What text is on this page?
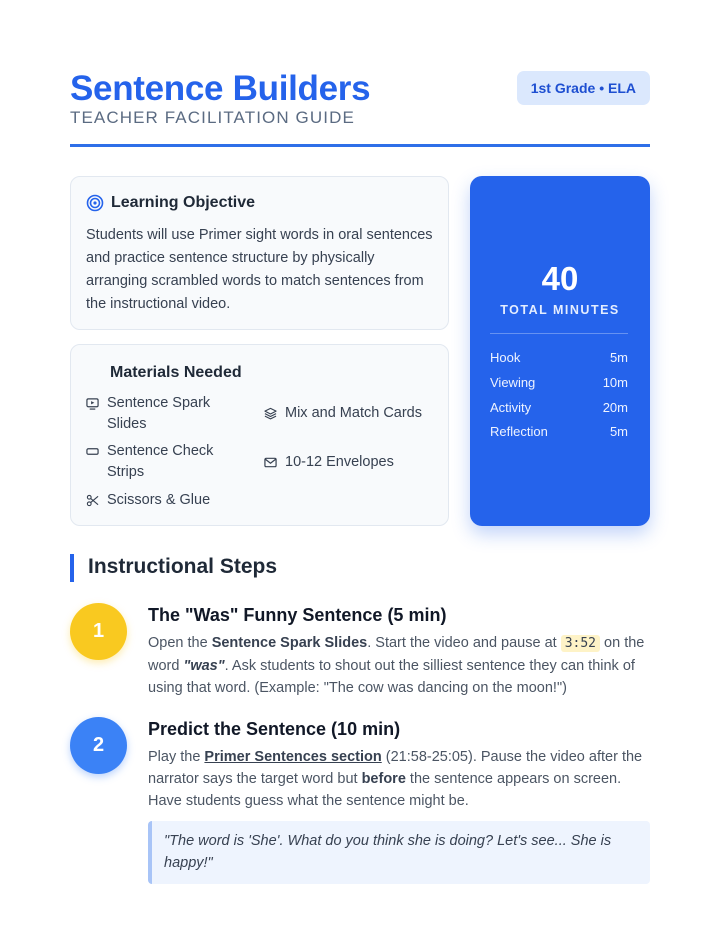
Sentence Builders
TEACHER FACILITATION GUIDE
1st Grade • ELA
Learning Objective
Students will use Primer sight words in oral sentences and practice sentence structure by physically arranging scrambled words to match sentences from the instructional video.
Materials Needed
Sentence Spark Slides
Mix and Match Cards
Sentence Check Strips
10-12 Envelopes
Scissors & Glue
40
TOTAL MINUTES
Hook	5m
Viewing	10m
Activity	20m
Reflection	5m
Instructional Steps
1
The "Was" Funny Sentence (5 min)
Open the Sentence Spark Slides. Start the video and pause at 3:52 on the word "was". Ask students to shout out the silliest sentence they can think of using that word. (Example: "The cow was dancing on the moon!")
2
Predict the Sentence (10 min)
Play the Primer Sentences section (21:58-25:05). Pause the video after the narrator says the target word but before the sentence appears on screen. Have students guess what the sentence might be.
"The word is 'She'. What do you think she is doing? Let's see... She is happy!"
